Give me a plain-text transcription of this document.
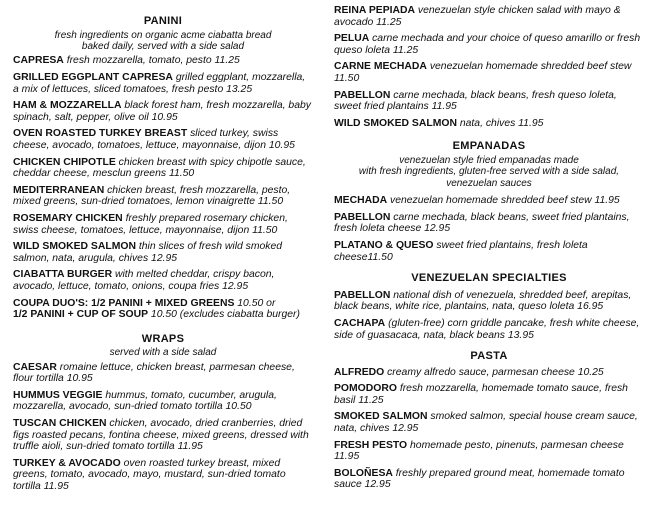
PANINI
fresh ingredients on organic acme ciabatta bread
baked daily, served with a side salad
CAPRESA fresh mozzarella, tomato, pesto 11.25
GRILLED EGGPLANT CAPRESA grilled eggplant, mozzarella, a mix of lettuces, sliced tomatoes, fresh pesto 13.25
HAM & MOZZARELLA black forest ham, fresh mozzarella, baby spinach, salt, pepper, olive oil 10.95
OVEN ROASTED TURKEY BREAST sliced turkey, swiss cheese, avocado, tomatoes, lettuce, mayonnaise, dijon 10.95
CHICKEN CHIPOTLE chicken breast with spicy chipotle sauce, cheddar cheese, mesclun greens 11.50
MEDITERRANEAN chicken breast, fresh mozzarella, pesto, mixed greens, sun-dried tomatoes, lemon vinaigrette 11.50
ROSEMARY CHICKEN freshly prepared rosemary chicken, swiss cheese, tomatoes, lettuce, mayonnaise, dijon 11.50
WILD SMOKED SALMON thin slices of fresh wild smoked salmon, nata, arugula, chives 12.95
CIABATTA BURGER with melted cheddar, crispy bacon, avocado, lettuce, tomato, onions, coupa fries 12.95
COUPA DUO'S: 1/2 PANINI + MIXED GREENS 10.50 or
1/2 PANINI + CUP OF SOUP 10.50 (excludes ciabatta burger)
WRAPS
served with a side salad
CAESAR romaine lettuce, chicken breast, parmesan cheese, flour tortilla 10.95
HUMMUS VEGGIE hummus, tomato, cucumber, arugula, mozzarella, avocado, sun-dried tomato tortilla 10.50
TUSCAN CHICKEN chicken, avocado, dried cranberries, dried figs roasted pecans, fontina cheese, mixed greens, dressed with truffle aioli, sun-dried tomato tortilla 11.95
TURKEY & AVOCADO oven roasted turkey breast, mixed greens, tomato, avocado, mayo, mustard, sun-dried tomato tortilla 11.95
REINA PEPIADA venezuelan style chicken salad with mayo & avocado 11.25
PELUA carne mechada and your choice of queso amarillo or fresh queso loleta 11.25
CARNE MECHADA venezuelan homemade shredded beef stew 11.50
PABELLON carne mechada, black beans, fresh queso loleta, sweet fried plantains 11.95
WILD SMOKED SALMON nata, chives 11.95
EMPANADAS
venezuelan style fried empanadas made
with fresh ingredients, gluten-free served with a side salad,
venezuelan sauces
MECHADA venezuelan homemade shredded beef stew 11.95
PABELLON carne mechada, black beans, sweet fried plantains, fresh loleta cheese 12.95
PLATANO & QUESO sweet fried plantains, fresh loleta cheese11.50
VENEZUELAN SPECIALTIES
PABELLON national dish of venezuela, shredded beef, arepitas, black beans, white rice, plantains, nata, queso loleta 16.95
CACHAPA (gluten-free) corn griddle pancake, fresh white cheese, side of guasacaca, nata, black beans 13.95
PASTA
ALFREDO creamy alfredo sauce, parmesan cheese 10.25
POMODORO fresh mozzarella, homemade tomato sauce, fresh basil 11.25
SMOKED SALMON smoked salmon, special house cream sauce, nata, chives 12.95
FRESH PESTO homemade pesto, pinenuts, parmesan cheese 11.95
BOLOÑESA freshly prepared ground meat, homemade tomato sauce 12.95
